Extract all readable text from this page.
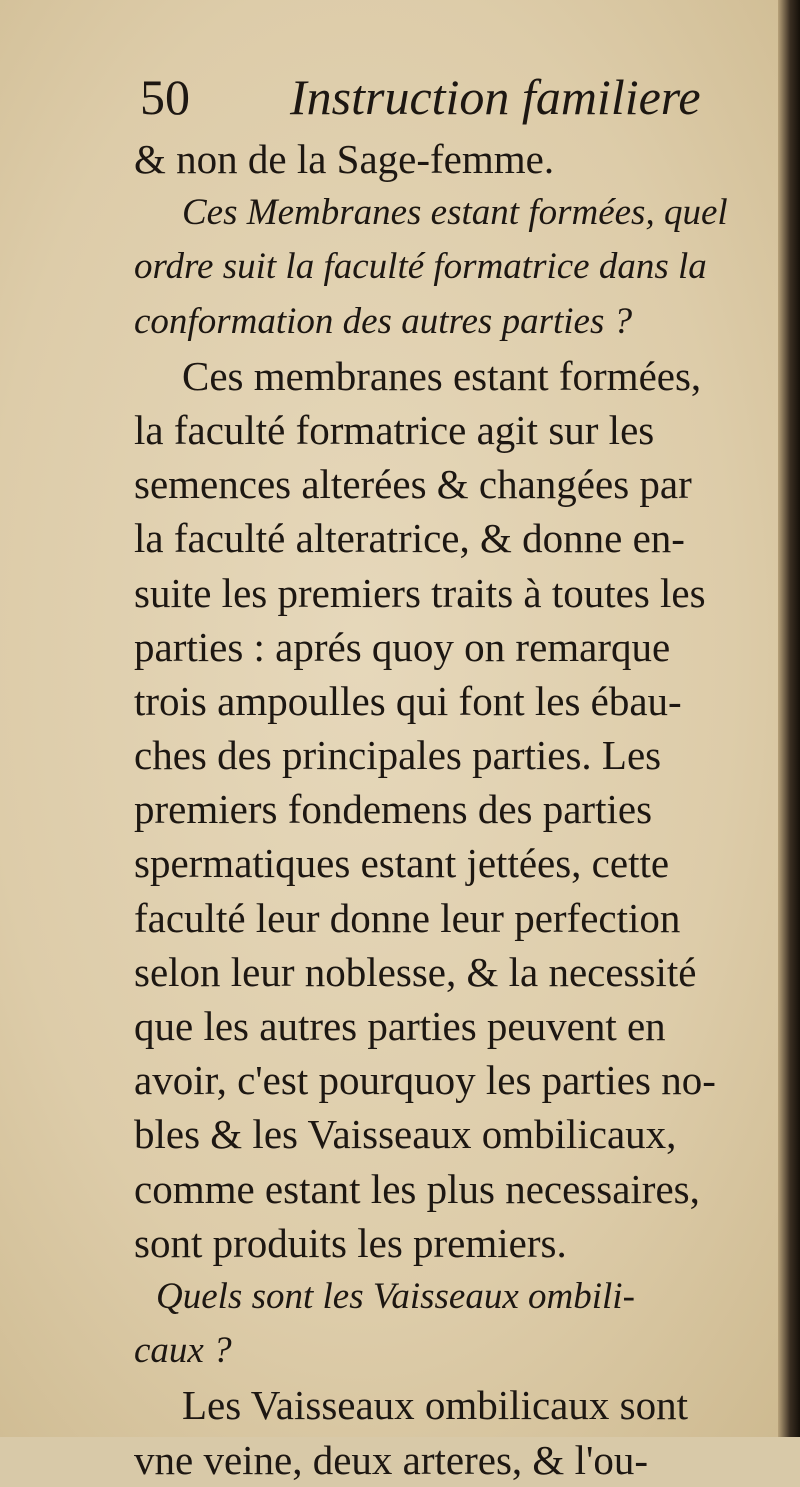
50 Instruction familiere
& non de la Sage-femme.
Ces Membranes estant formées, quel
ordre suit la faculté formatrice dans la
conformation des autres parties ?
Ces membranes estant formées,
la faculté formatrice agit sur les
semences alterées & changées par
la faculté alteratrice, & donne en-
suite les premiers traits à toutes les
parties : aprés quoy on remarque
trois ampoulles qui font les ébau-
ches des principales parties. Les
premiers fondemens des parties
spermatiques estant jettées, cette
faculté leur donne leur perfection
selon leur noblesse, & la necessité
que les autres parties peuvent en
avoir, c'est pourquoy les parties no-
bles & les Vaisseaux ombilicaux,
comme estant les plus necessaires,
sont produits les premiers.
Quels sont les Vaisseaux ombili-
caux ?
Les Vaisseaux ombilicaux sont
vne veine, deux arteres, & l'ou-
